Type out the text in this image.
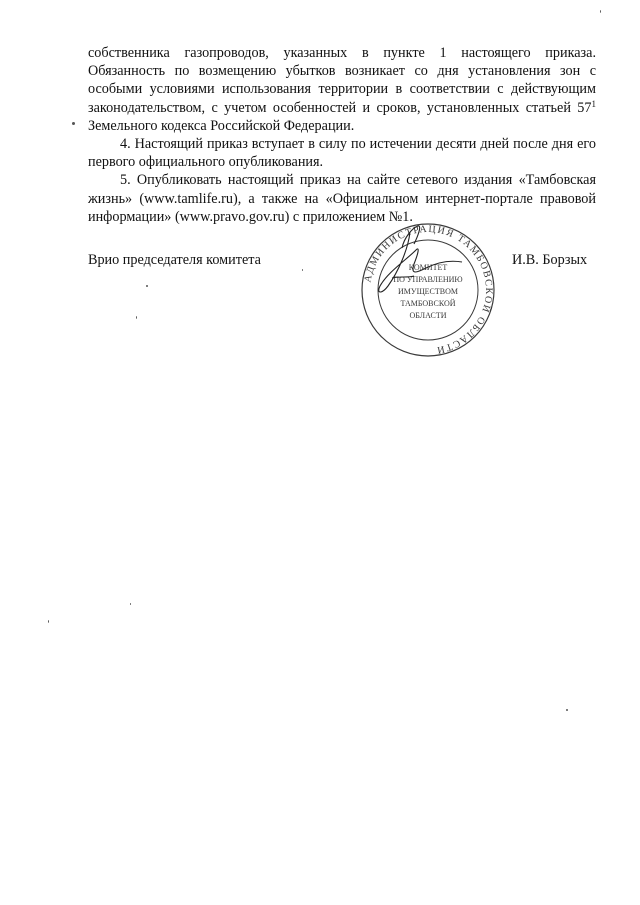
собственника газопроводов, указанных в пункте 1 настоящего приказа. Обязанность по возмещению убытков возникает со дня установления зон с особыми условиями использования территории в соответствии с действующим законодательством, с учетом особенностей и сроков, установленных статьей $57^1$ Земельного кодекса Российской Федерации.

4. Настоящий приказ вступает в силу по истечении десяти дней после дня его первого официального опубликования.

5. Опубликовать настоящий приказ на сайте сетевого издания «Тамбовская жизнь» (www.tamlife.ru), а также на «Официальном интернет-портале правовой информации» (www.pravo.gov.ru) с приложением №1.

Врио председателя комитета	И.В. Борзых
АДМИНИСТРАЦИЯ ТАМБОВСКОЙ ОБЛАСТИ
КОМИТЕТ
ПО УПРАВЛЕНИЮ
ИМУЩЕСТВОМ
ТАМБОВСКОЙ
ОБЛАСТИ
